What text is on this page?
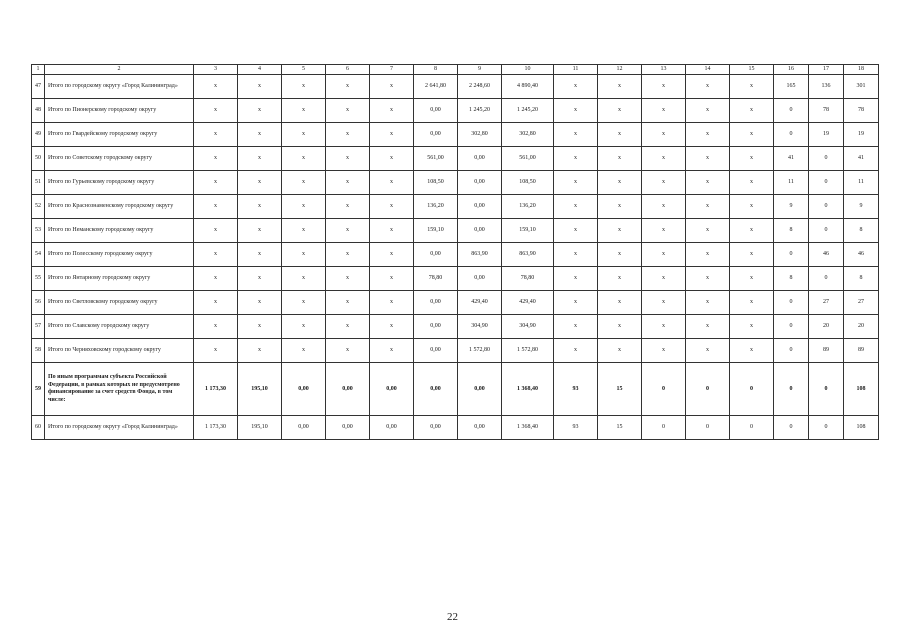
1	2	3	4	5	6	7	8	9	10	11	12	13	14	15	16	17	18
47	Итого по городскому округу «Город Калининград»	х	х	х	х	х	2 641,80	2 248,60	4 890,40	х	х	х	х	х	165	136	301
48	Итого по Пионерскому городскому округу	х	х	х	х	х	0,00	1 245,20	1 245,20	х	х	х	х	х	0	78	78
49	Итого по Гвардейскому городскому округу	х	х	х	х	х	0,00	302,80	302,80	х	х	х	х	х	0	19	19
50	Итого по Советскому городскому округу	х	х	х	х	х	561,00	0,00	561,00	х	х	х	х	х	41	0	41
51	Итого по Гурьевскому городскому округу	х	х	х	х	х	108,50	0,00	108,50	х	х	х	х	х	11	0	11
52	Итого по Краснознаменскому городскому округу	х	х	х	х	х	136,20	0,00	136,20	х	х	х	х	х	9	0	9
53	Итого по Неманскому городскому округу	х	х	х	х	х	159,10	0,00	159,10	х	х	х	х	х	8	0	8
54	Итого по Полесскому городскому округу	х	х	х	х	х	0,00	863,90	863,90	х	х	х	х	х	0	46	46
55	Итого по Янтарному городскому округу	х	х	х	х	х	78,80	0,00	78,80	х	х	х	х	х	8	0	8
56	Итого по Светловскому городскому округу	х	х	х	х	х	0,00	429,40	429,40	х	х	х	х	х	0	27	27
57	Итого по Славскому городскому округу	х	х	х	х	х	0,00	304,90	304,90	х	х	х	х	х	0	20	20
58	Итого по Черняховскому городскому округу	х	х	х	х	х	0,00	1 572,80	1 572,80	х	х	х	х	х	0	89	89
59	По иным программам субъекта Российской Федерации, в рамках которых не предусмотрено финансирование за счет средств Фонда, в том числе:	1 173,30	195,10	0,00	0,00	0,00	0,00	0,00	1 368,40	93	15	0	0	0	0	0	108
60	Итого по городскому округу «Город Калининград»	1 173,30	195,10	0,00	0,00	0,00	0,00	0,00	1 368,40	93	15	0	0	0	0	0	108
22
